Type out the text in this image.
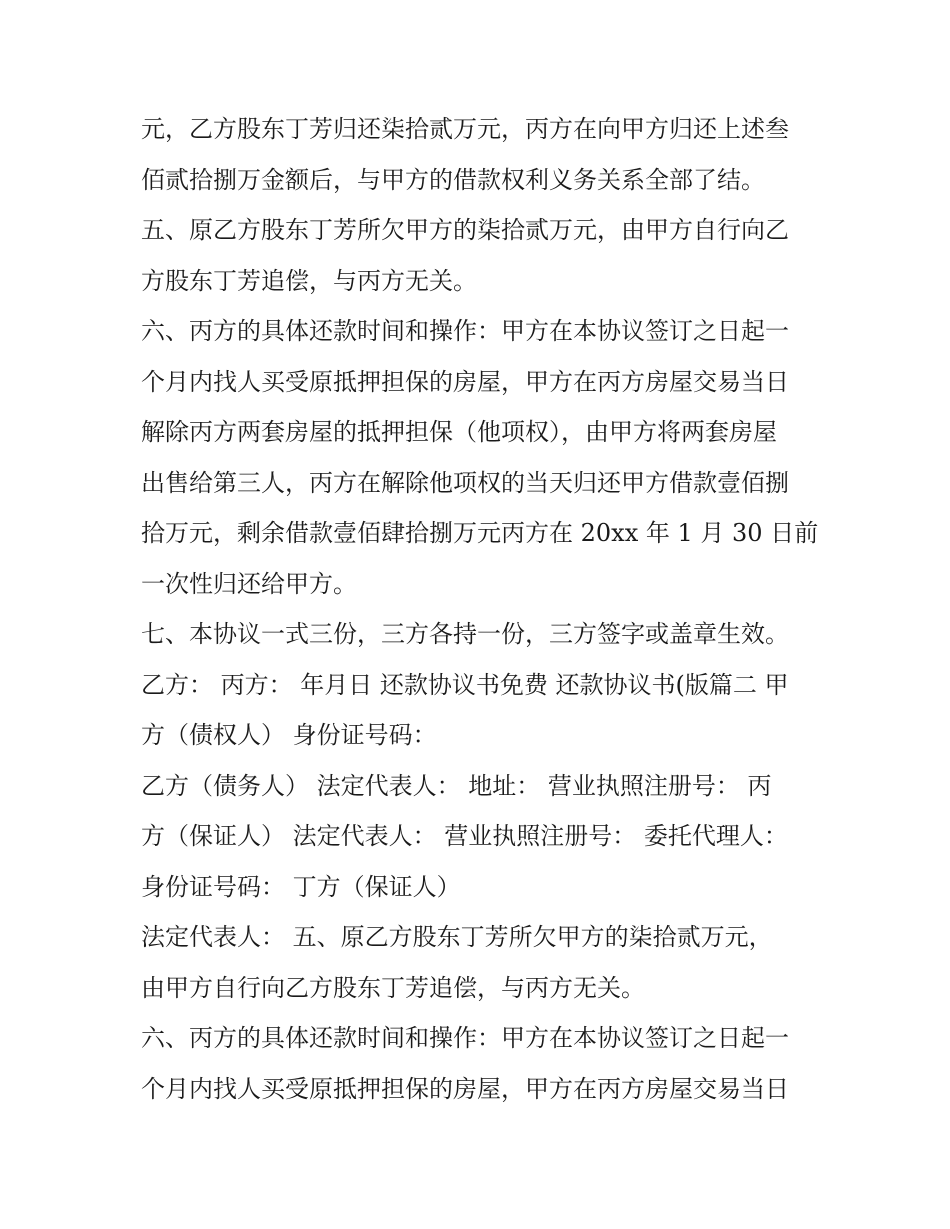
元，乙方股东丁芳归还柒拾贰万元，丙方在向甲方归还上述叁
佰贰拾捌万金额后，与甲方的借款权利义务关系全部了结。
五、原乙方股东丁芳所欠甲方的柒拾贰万元，由甲方自行向乙
方股东丁芳追偿，与丙方无关。
六、丙方的具体还款时间和操作：甲方在本协议签订之日起一
个月内找人买受原抵押担保的房屋，甲方在丙方房屋交易当日
解除丙方两套房屋的抵押担保（他项权），由甲方将两套房屋
出售给第三人，丙方在解除他项权的当天归还甲方借款壹佰捌
拾万元，剩余借款壹佰肆拾捌万元丙方在 20xx 年 1 月 30 日前
一次性归还给甲方。
七、本协议一式三份，三方各持一份，三方签字或盖章生效。
乙方： 丙方： 年月日 还款协议书免费 还款协议书(版篇二 甲
方（债权人） 身份证号码：
乙方（债务人） 法定代表人： 地址： 营业执照注册号： 丙
方（保证人） 法定代表人： 营业执照注册号： 委托代理人：
身份证号码： 丁方（保证人）
法定代表人： 五、原乙方股东丁芳所欠甲方的柒拾贰万元，
由甲方自行向乙方股东丁芳追偿，与丙方无关。
六、丙方的具体还款时间和操作：甲方在本协议签订之日起一
个月内找人买受原抵押担保的房屋，甲方在丙方房屋交易当日
